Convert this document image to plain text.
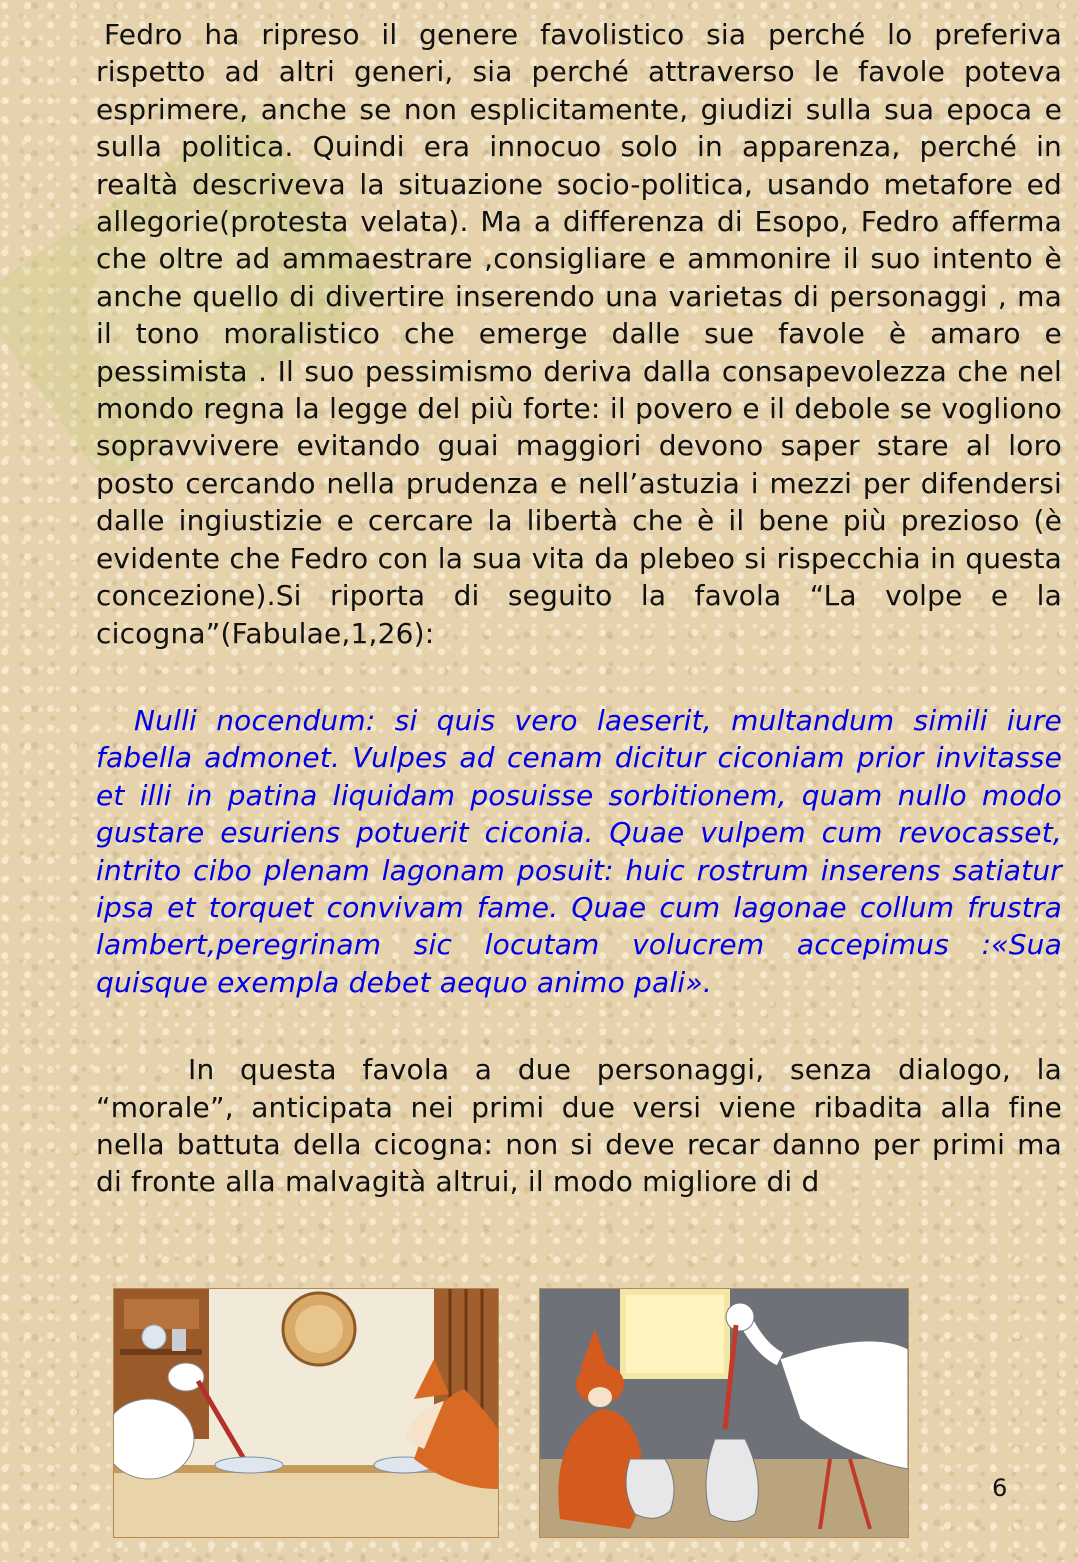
Fedro ha ripreso il genere favolistico sia perché lo preferiva rispetto ad altri generi, sia perché attraverso le favole poteva esprimere, anche se non esplicitamente, giudizi sulla sua epoca e sulla politica. Quindi era innocuo solo in apparenza, perché in realtà descriveva la situazione socio-politica, usando metafore ed allegorie(protesta velata). Ma a differenza di Esopo, Fedro afferma che oltre ad ammaestrare ,consigliare e ammonire il suo intento è anche quello di divertire inserendo una varietas di personaggi , ma il tono moralistico che emerge dalle sue favole è amaro e pessimista . Il suo pessimismo deriva dalla consapevolezza che nel mondo regna la legge del più forte: il povero e il debole se vogliono sopravvivere evitando guai maggiori devono saper stare al loro posto cercando nella prudenza e nell’astuzia i mezzi per difendersi dalle ingiustizie e cercare la libertà che è il bene più prezioso (è evidente che Fedro con la sua vita da plebeo si rispecchia in questa concezione).Si riporta di seguito la favola “La volpe e la cicogna”(Fabulae,1,26):

Nulli nocendum: si quis vero laeserit, multandum simili iure fabella admonet. Vulpes ad cenam dicitur ciconiam prior invitasse et illi in patina liquidam posuisse sorbitionem, quam nullo modo gustare esuriens potuerit ciconia. Quae vulpem cum revocasset, intrito cibo plenam lagonam posuit: huic rostrum inserens satiatur ipsa et torquet convivam fame. Quae cum lagonae collum frustra lambert,peregrinam sic locutam volucrem accepimus :«Sua quisque exempla debet aequo animo pali».

In questa favola a due personaggi, senza dialogo, la “morale”, anticipata nei primi due versi viene ribadita alla fine nella battuta della cicogna: non si deve recar danno per primi ma di fronte alla malvagità altrui, il modo migliore di d

6
